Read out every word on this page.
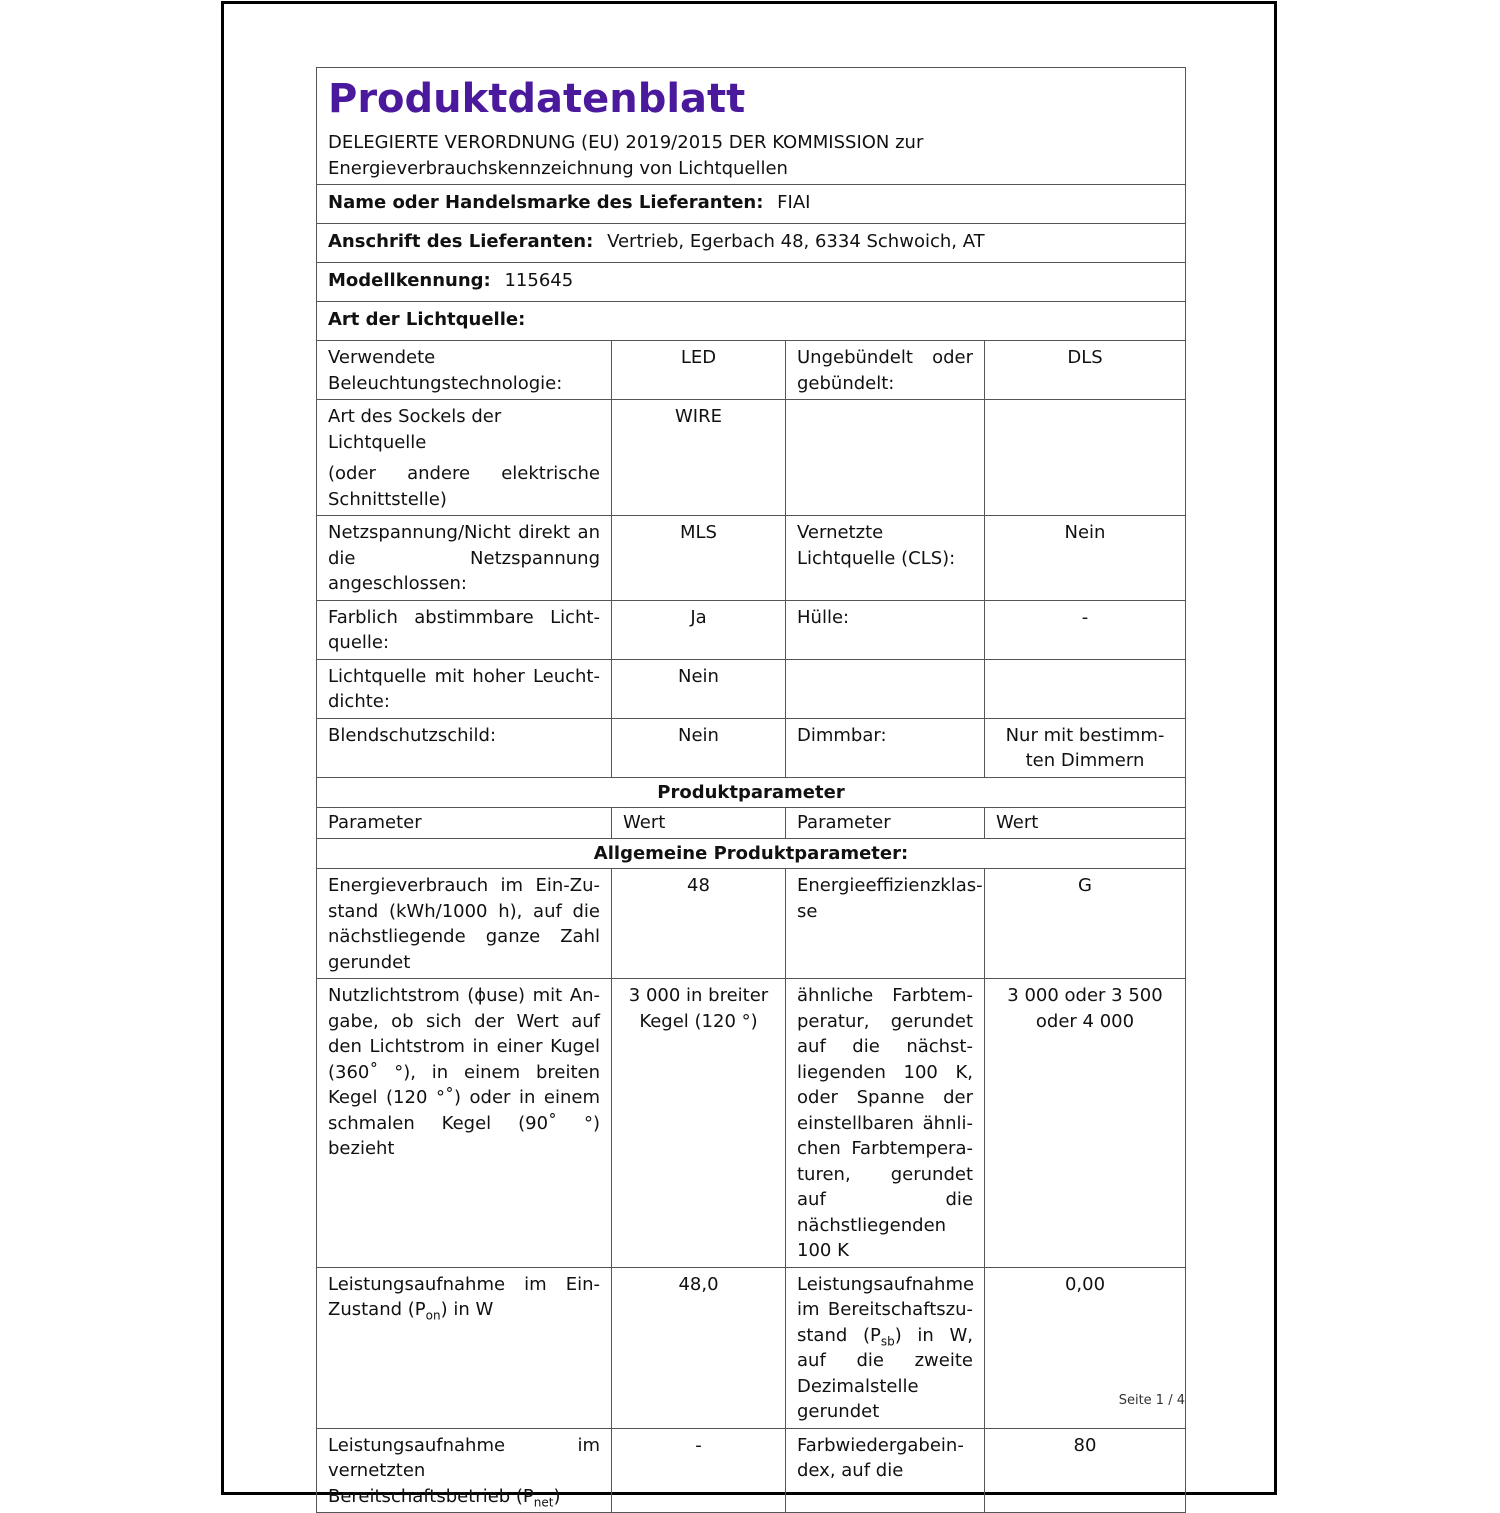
Produktdatenblatt
DELEGIERTE VERORDNUNG (EU) 2019/2015 DER KOMMISSION zur Energieverbrauchskennzeichnung von Lichtquellen			

Name oder Handelsmarke des Lieferanten: FIAI			
Anschrift des Lieferanten: Vertrieb, Egerbach 48, 6334 Schwoich, AT			
Modellkennung: 115645			
Art der Lichtquelle:			
Verwendete Beleuchtungstechnologie:	LED	Ungebündelt oder gebündelt:	DLS

Art des Sockels der Lichtquelle
(oder andere elektrische Schnittstelle)	WIRE		
Netzspannung/Nicht direkt an die Netzspannung angeschlossen:	MLS	Vernetzte Lichtquelle (CLS):	Nein
Farblich abstimmbare Lichtquelle:	Ja	Hülle:	-
Lichtquelle mit hoher Leuchtdichte:	Nein		
Blendschutzschild:	Nein	Dimmbar:	Nur mit bestimmten Dimmern
Produktparameter			
Parameter	Wert	Parameter	Wert
Allgemeine Produktparameter:			
Energieverbrauch im Ein-Zustand (kWh/1000 h), auf die nächstliegende ganze Zahl gerundet	48	Energieeffizienzklasse	G
Nutzlichtstrom (ϕuse) mit Angabe, ob sich der Wert auf den Lichtstrom in einer Kugel (360˚ °), in einem breiten Kegel (120 °˚) oder in einem schmalen Kegel (90˚ °) bezieht	3 000 in breiter Kegel (120 °)	ähnliche Farbtemperatur, gerundet auf die nächstliegenden 100 K, oder Spanne der einstellbaren ähnlichen Farbtemperaturen, gerundet auf die nächstliegenden 100 K	3 000 oder 3 500 oder 4 000
Leistungsaufnahme im Ein-Zustand $(P_{on})$ in W	48,0	Leistungsaufnahme im Bereitschaftszustand $(P_{sb})$ in W, auf die zweite Dezimalstelle gerundet	0,00
Leistungsaufnahme im vernetzten Bereitschaftsbetrieb $(P_{net})$	-	Farbwiedergabeindex, auf die	80
Seite 1 / 4
